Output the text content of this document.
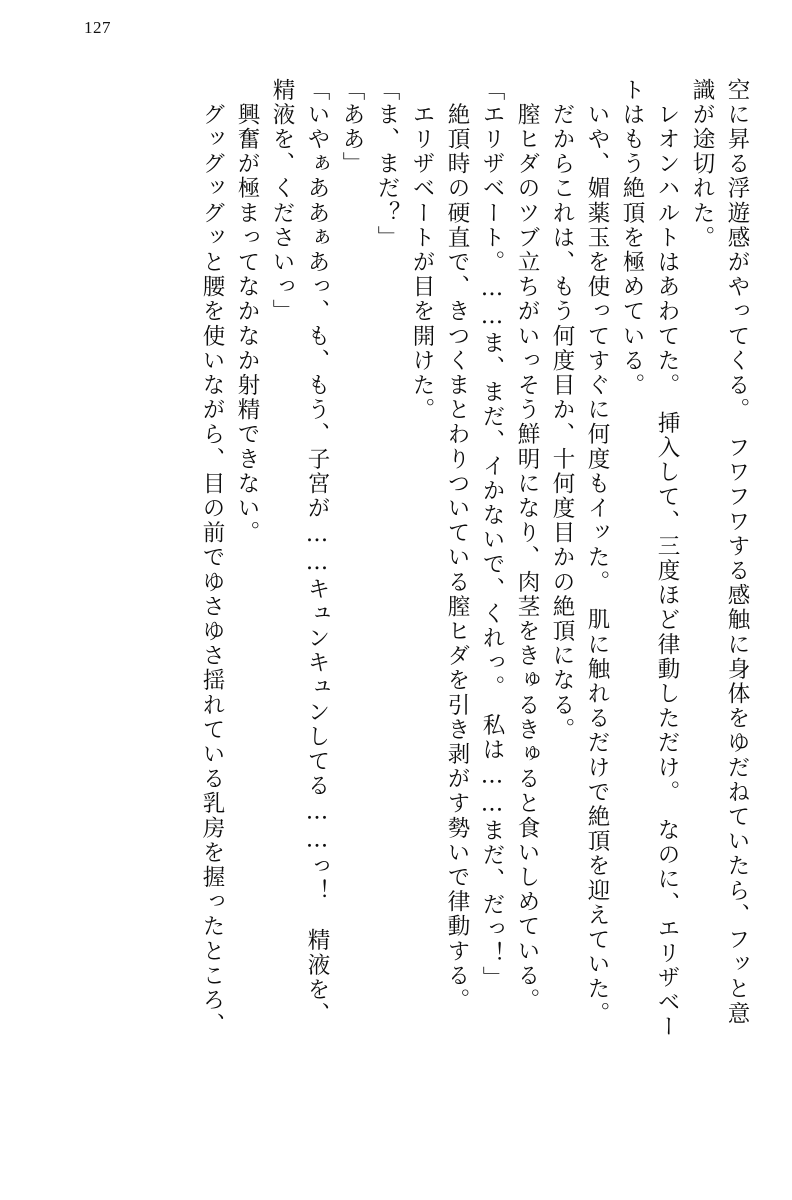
127
空に昇る浮遊感がやってくる。　フワフワする感触に身体をゆだねていたら、フッと意
識が途切れた。
　レオンハルトはあわてた。　挿入して、三度ほど律動しただけ。　なのに、エリザベー
トはもう絶頂を極めている。
　いや、媚薬玉を使ってすぐに何度もイッた。　肌に触れるだけで絶頂を迎えていた。
　だからこれは、もう何度目か、十何度目かの絶頂になる。
　膣ヒダのツブ立ちがいっそう鮮明になり、肉茎をきゅるきゅると食いしめている。
「エリザベート。……ま、まだ、イかないで、くれっ。　私は……まだ、だっ！」
　絶頂時の硬直で、きつくまとわりついている膣ヒダを引き剥がす勢いで律動する。
　エリザベートが目を開けた。
「ま、まだ？」
「ああ」
「いやぁああぁあっ、も、もう、子宮が……キュンキュンしてる……っ！　精液を、
精液を、くださいっ」
　興奮が極まってなかなか射精できない。
　グッグッグッと腰を使いながら、目の前でゆさゆさ揺れている乳房を握ったところ、
